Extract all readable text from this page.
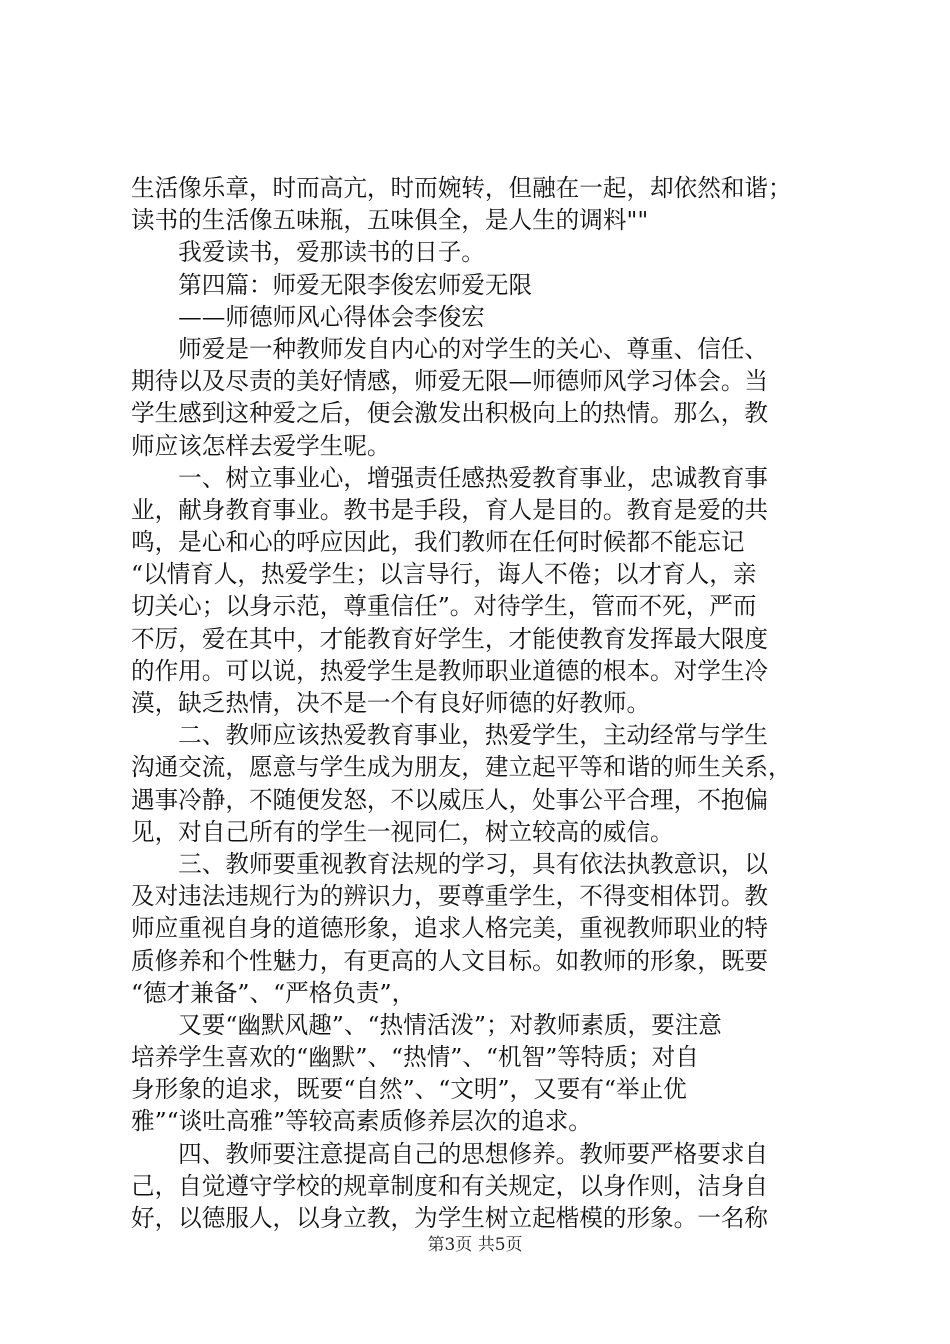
生活像乐章，时而高亢，时而婉转，但融在一起，却依然和谐；
读书的生活像五味瓶，五味俱全，是人生的调料""
　　我爱读书，爱那读书的日子。
　　第四篇：师爱无限李俊宏师爱无限
　　——师德师风心得体会李俊宏
　　师爱是一种教师发自内心的对学生的关心、尊重、信任、
期待以及尽责的美好情感，师爱无限—师德师风学习体会。当
学生感到这种爱之后，便会激发出积极向上的热情。那么，教
师应该怎样去爱学生呢。
　　一、树立事业心，增强责任感热爱教育事业，忠诚教育事
业，献身教育事业。教书是手段，育人是目的。教育是爱的共
鸣，是心和心的呼应因此，我们教师在任何时候都不能忘记
“以情育人，热爱学生；以言导行，诲人不倦；以才育人，亲
切关心；以身示范，尊重信任”。对待学生，管而不死，严而
不厉，爱在其中，才能教育好学生，才能使教育发挥最大限度
的作用。可以说，热爱学生是教师职业道德的根本。对学生冷
漠，缺乏热情，决不是一个有良好师德的好教师。
　　二、教师应该热爱教育事业，热爱学生，主动经常与学生
沟通交流，愿意与学生成为朋友，建立起平等和谐的师生关系，
遇事冷静，不随便发怒，不以威压人，处事公平合理，不抱偏
见，对自己所有的学生一视同仁，树立较高的威信。
　　三、教师要重视教育法规的学习，具有依法执教意识，以
及对违法违规行为的辨识力，要尊重学生，不得变相体罚。教
师应重视自身的道德形象，追求人格完美，重视教师职业的特
质修养和个性魅力，有更高的人文目标。如教师的形象，既要
“德才兼备”、“严格负责”，
　　又要“幽默风趣”、“热情活泼”；对教师素质，要注意
培养学生喜欢的“幽默”、“热情”、“机智”等特质；对自
身形象的追求，既要“自然”、“文明”，又要有“举止优
雅”“谈吐高雅”等较高素质修养层次的追求。
　　四、教师要注意提高自己的思想修养。教师要严格要求自
己，自觉遵守学校的规章制度和有关规定，以身作则，洁身自
好，以德服人，以身立教，为学生树立起楷模的形象。一名称
第3页 共5页
